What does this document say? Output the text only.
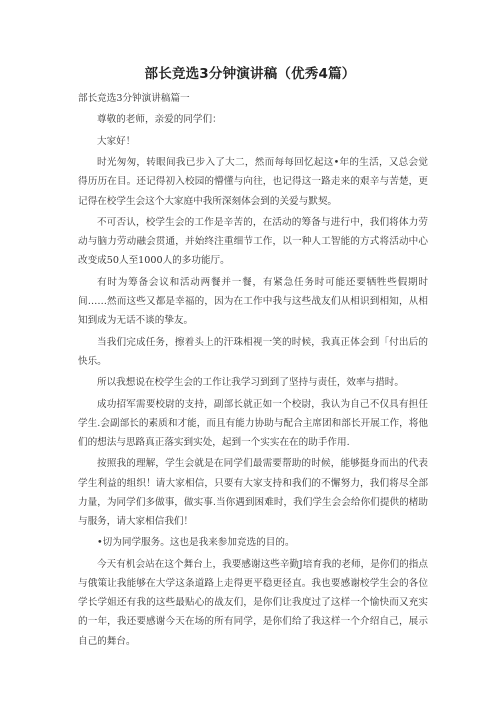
部长竞选3分钟演讲稿（优秀4篇）

部长竞选3分钟演讲稿篇一

尊敬的老师，亲爱的同学们：

大家好！

时光匆匆，转眼间我已步入了大二，然而每每回忆起这•年的生活，又总会觉得历历在目。还记得初入校园的懵懂与向往，也记得这一路走来的艰辛与苦楚，更记得在校学生会这个大家庭中我所深刻体会到的关爱与默契。

不可否认，校学生会的工作是辛苦的，在活动的筹备与进行中，我们将体力劳动与脑力劳动融会贯通，并始终注重细节工作，以一种人工智能的方式将活动中心改变成50人至1000人的多功能厅。

有时为筹备会议和活动两餐并一餐，有紧急任务时可能还要牺牲些假期时间……然而这些又都是幸福的，因为在工作中我与这些战友们从相识到相知，从相知到成为无话不谈的挚友。

当我们完成任务，擦着头上的汗珠相视一笑的时候，我真正体会到「付出后的快乐。

所以我想说在校学生会的工作让我学习到到了坚持与责任，效率与措时。

成功招军需要校尉的支持，副部长就正如一个校尉，我认为自己不仅具有担任学生.会副部长的素质和才能，而且有能力协助与配合主席团和部长开展工作，将他们的想法与思路真正落实到实处，起到一个实实在在的助手作用.

按照我的理解，学生会就是在同学们最需要帮助的时候，能够挺身而出的代表学生利益的组织！请大家相信，只要有大家支持和我们的不懈努力，我们将尽全部力量，为同学们多做事，做实事.当你遇到困难时，我们学生会会给你们提供的楮助与服务，请大家相信我们！

•切为同学服务。这也是我来参加竞选的目的。

今天有机会站在这个舞台上，我要感谢这些辛勤J培育我的老师，是你们的指点与俄策让我能够在大学这条道路上走得更平稳更径直。我也要感谢校学生会的各位学长学姐还有我的这些最贴心的战友们，是你们让我度过了这样一个愉快而又充实的一年，我还要感谢今天在场的所有同学，是你们给了我这样一个介绍自己，展示自己的舞台。
